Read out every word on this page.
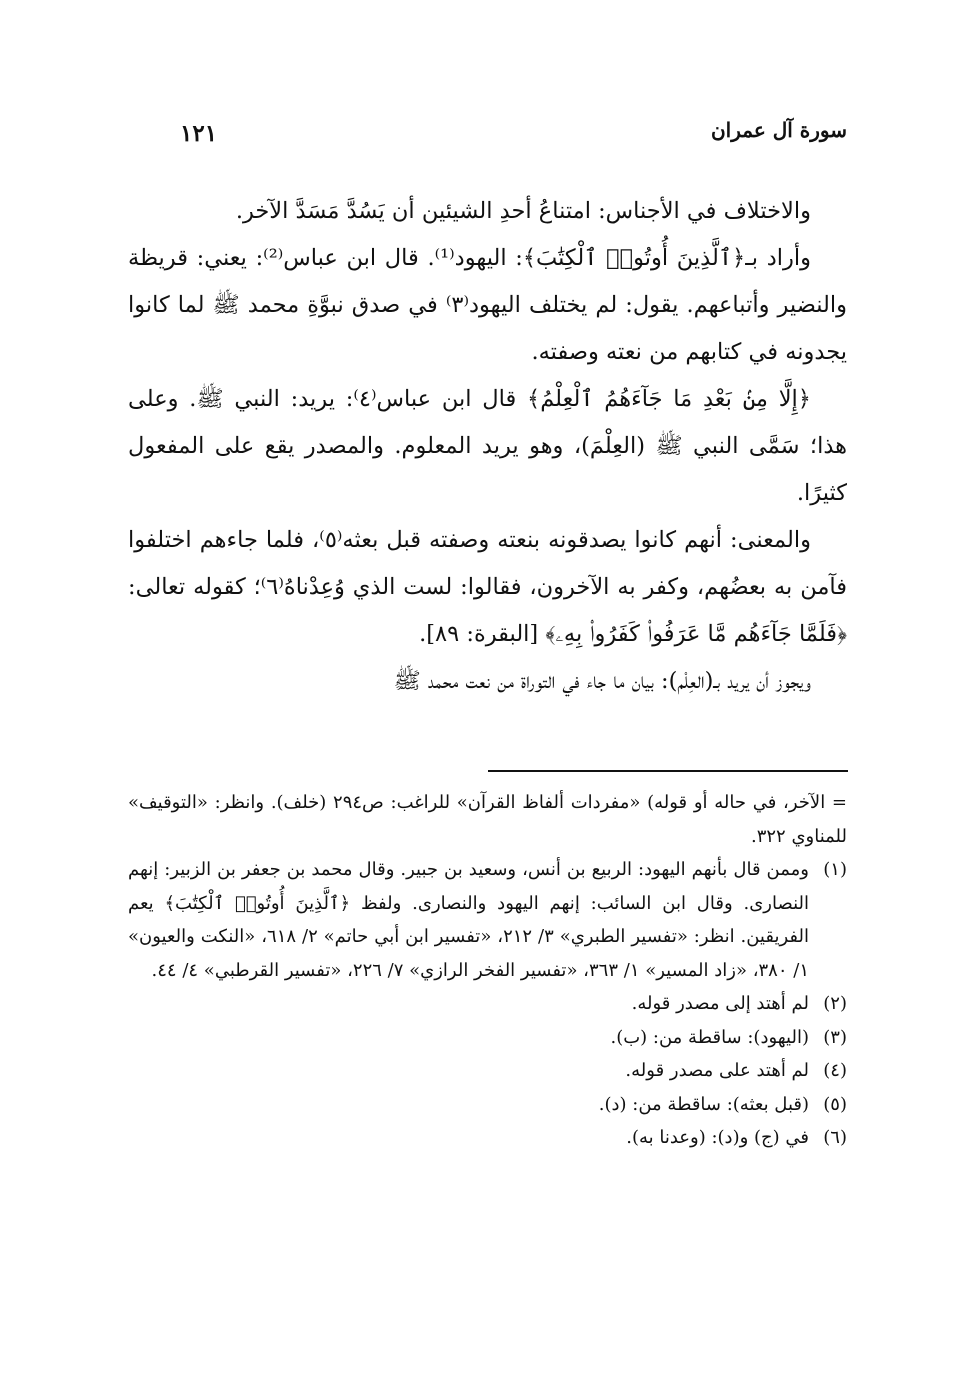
سورة آل عمران
١٢١

والاختلاف في الأجناس: امتناعُ أحدِ الشيئين أن يَسُدَّ مَسَدَّ الآخر.

وأراد بـ﴿ٱلَّذِينَ أُوتُوا۟ ٱلْكِتَٰبَ﴾: اليهود⁽¹⁾. قال ابن عباس⁽²⁾: يعني: قريظة والنضير وأتباعهم. يقول: لم يختلف اليهود⁽٣⁾ في صدق نبوَّةِ محمد ﷺ لما كانوا يجدونه في كتابهم من نعته وصفته.

﴿إِلَّا مِنۢ بَعْدِ مَا جَآءَهُمُ ٱلْعِلْمُ﴾ قال ابن عباس⁽٤⁾: يريد: النبي ﷺ. وعلى هذا؛ سَمَّى النبي ﷺ (العِلْمَ)، وهو يريد المعلوم. والمصدر يقع على المفعول كثيرًا.

والمعنى: أنهم كانوا يصدقونه بنعته وصفته قبل بعثه⁽٥⁾، فلما جاءهم اختلفوا فآمن به بعضُهم، وكفر به الآخرون، فقالوا: لست الذي وُعِدْناهُ⁽٦⁾؛ كقوله تعالى: ﴿فَلَمَّا جَآءَهُم مَّا عَرَفُوا۟ كَفَرُوا۟ بِهِۦ﴾ [البقرة: ٨٩].

ويجوز أن يريد بـ(العِلْم): بيان ما جاء في التوراة من نعت محمد ﷺ

= الآخر، في حاله أو قوله) «مفردات ألفاظ القرآن» للراغب: ص٢٩٤ (خلف). وانظر: «التوقيف» للمناوي ٣٢٢.

(١)
وممن قال بأنهم اليهود: الربيع بن أنس، وسعيد بن جبير. وقال محمد بن جعفر بن الزبير: إنهم النصارى. وقال ابن السائب: إنهم اليهود والنصارى. ولفظ ﴿ٱلَّذِينَ أُوتُوا۟ ٱلْكِتَٰبَ﴾ يعم الفريقين. انظر: «تفسير الطبري» ٣/ ٢١٢، «تفسير ابن أبي حاتم» ٢/ ٦١٨، «النكت والعيون» ١/ ٣٨٠، «زاد المسير» ١/ ٣٦٣، «تفسير الفخر الرازي» ٧/ ٢٢٦، «تفسير القرطبي» ٤/ ٤٤.
(٢)
لم أهتد إلى مصدر قوله.
(٣)
(اليهود): ساقطة من: (ب).
(٤)
لم أهتد على مصدر قوله.
(٥)
(قبل بعثه): ساقطة من: (د).
(٦)
في (ج) و(د): (وعدنا به).
